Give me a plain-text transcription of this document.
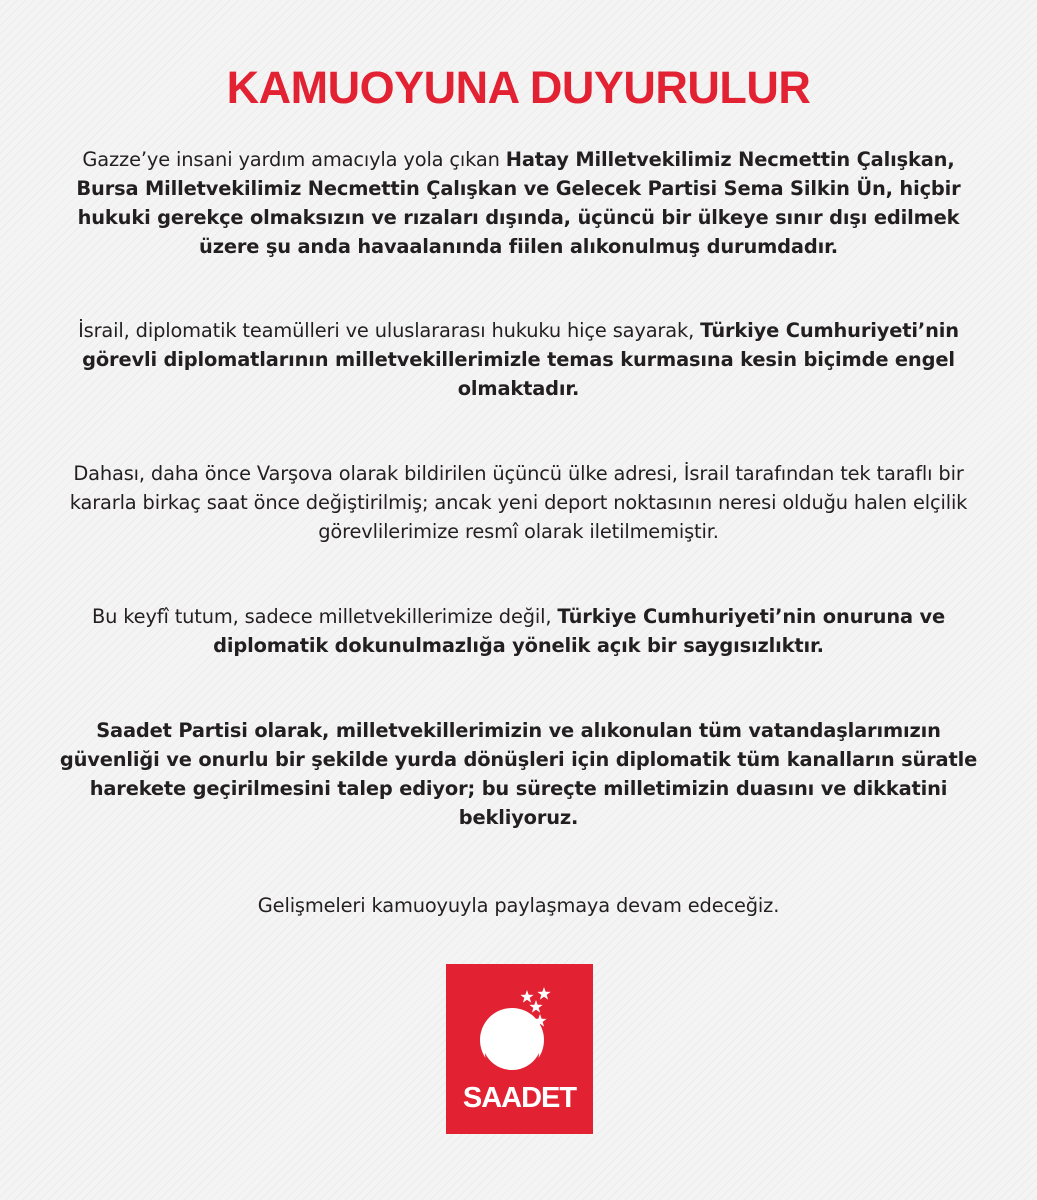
KAMUOYUNA DUYURULUR
Gazze’ye insani yardım amacıyla yola çıkan Hatay Milletvekilimiz Necmettin Çalışkan, Bursa Milletvekilimiz Necmettin Çalışkan ve Gelecek Partisi Sema Silkin Ün, hiçbir hukuki gerekçe olmaksızın ve rızaları dışında, üçüncü bir ülkeye sınır dışı edilmek üzere şu anda havaalanında fiilen alıkonulmuş durumdadır.
İsrail, diplomatik teamülleri ve uluslararası hukuku hiçe sayarak, Türkiye Cumhuriyeti’nin görevli diplomatlarının milletvekillerimizle temas kurmasına kesin biçimde engel olmaktadır.
Dahası, daha önce Varşova olarak bildirilen üçüncü ülke adresi, İsrail tarafından tek taraflı bir kararla birkaç saat önce değiştirilmiş; ancak yeni deport noktasının neresi olduğu halen elçilik görevlilerimize resmî olarak iletilmemiştir.
Bu keyfî tutum, sadece milletvekillerimize değil, Türkiye Cumhuriyeti’nin onuruna ve diplomatik dokunulmazlığa yönelik açık bir saygısızlıktır.
Saadet Partisi olarak, milletvekillerimizin ve alıkonulan tüm vatandaşlarımızın güvenliği ve onurlu bir şekilde yurda dönüşleri için diplomatik tüm kanalların süratle harekete geçirilmesini talep ediyor; bu süreçte milletimizin duasını ve dikkatini bekliyoruz.
Gelişmeleri kamuoyuyla paylaşmaya devam edeceğiz.
SAADET
